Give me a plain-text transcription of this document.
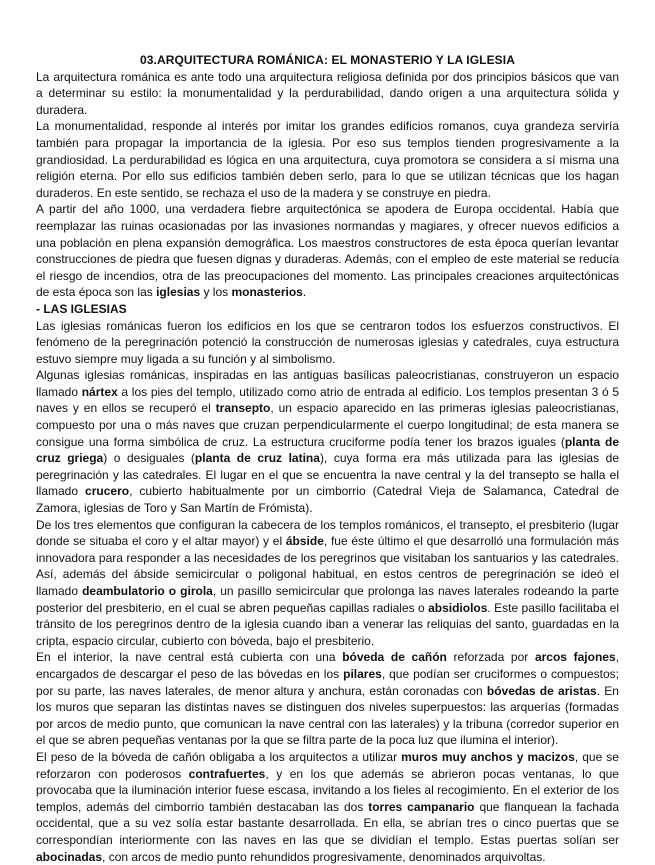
03.ARQUITECTURA ROMÁNICA: EL MONASTERIO Y LA IGLESIA

La arquitectura románica es ante todo una arquitectura religiosa definida por dos principios básicos que van a determinar su estilo: la monumentalidad y la perdurabilidad, dando origen a una arquitectura sólida y duradera.

La monumentalidad, responde al interés por imitar los grandes edificios romanos, cuya grandeza serviría también para propagar la importancia de la iglesia. Por eso sus templos tienden progresivamente a la grandiosidad. La perdurabilidad es lógica en una arquitectura, cuya promotora se considera a sí misma una religión eterna. Por ello sus edificios también deben serlo, para lo que se utilizan técnicas que los hagan duraderos. En este sentido, se rechaza el uso de la madera y se construye en piedra.

A partir del año 1000, una verdadera fiebre arquitectónica se apodera de Europa occidental. Había que reemplazar las ruinas ocasionadas por las invasiones normandas y magiares, y ofrecer nuevos edificios a una población en plena expansión demográfica. Los maestros constructores de esta época querían levantar construcciones de piedra que fuesen dignas y duraderas. Además, con el empleo de este material se reducía el riesgo de incendios, otra de las preocupaciones del momento. Las principales creaciones arquitectónicas de esta época son las iglesias y los monasterios.

- LAS IGLESIAS

Las iglesias románicas fueron los edificios en los que se centraron todos los esfuerzos constructivos. El fenómeno de la peregrinación potenció la construcción de numerosas iglesias y catedrales, cuya estructura estuvo siempre muy ligada a su función y al simbolismo.

Algunas iglesias románicas, inspiradas en las antiguas basílicas paleocristianas, construyeron un espacio llamado nártex a los pies del templo, utilizado como atrio de entrada al edificio. Los templos presentan 3 ó 5 naves y en ellos se recuperó el transepto, un espacio aparecido en las primeras iglesias paleocristianas, compuesto por una o más naves que cruzan perpendicularmente el cuerpo longitudinal; de esta manera se consigue una forma simbólica de cruz. La estructura cruciforme podía tener los brazos iguales (planta de cruz griega) o desiguales (planta de cruz latina), cuya forma era más utilizada para las iglesias de peregrinación y las catedrales. El lugar en el que se encuentra la nave central y la del transepto se halla el llamado crucero, cubierto habitualmente por un cimborrio (Catedral Vieja de Salamanca, Catedral de Zamora, iglesias de Toro y San Martín de Frómista).

De los tres elementos que configuran la cabecera de los templos románicos, el transepto, el presbiterio (lugar donde se situaba el coro y el altar mayor) y el ábside, fue éste último el que desarrolló una formulación más innovadora para responder a las necesidades de los peregrinos que visitaban los santuarios y las catedrales. Así, además del ábside semicircular o poligonal habitual, en estos centros de peregrinación se ideó el llamado deambulatorio o girola, un pasillo semicircular que prolonga las naves laterales rodeando la parte posterior del presbiterio, en el cual se abren pequeñas capillas radiales o absidiolos. Este pasillo facilitaba el tránsito de los peregrinos dentro de la iglesia cuando iban a venerar las reliquias del santo, guardadas en la cripta, espacio circular, cubierto con bóveda, bajo el presbiterio.

En el interior, la nave central está cubierta con una bóveda de cañón reforzada por arcos fajones, encargados de descargar el peso de las bóvedas en los pilares, que podían ser cruciformes o compuestos; por su parte, las naves laterales, de menor altura y anchura, están coronadas con bóvedas de aristas. En los muros que separan las distintas naves se distinguen dos niveles superpuestos: las arquerías (formadas por arcos de medio punto, que comunican la nave central con las laterales) y la tribuna (corredor superior en el que se abren pequeñas ventanas por la que se filtra parte de la poca luz que ilumina el interior).

El peso de la bóveda de cañón obligaba a los arquitectos a utilizar muros muy anchos y macizos, que se reforzaron con poderosos contrafuertes, y en los que además se abrieron pocas ventanas, lo que provocaba que la iluminación interior fuese escasa, invitando a los fieles al recogimiento. En el exterior de los templos, además del cimborrio también destacaban las dos torres campanario que flanquean la fachada occidental, que a su vez solía estar bastante desarrollada. En ella, se abrían tres o cinco puertas que se correspondían interiormente con las naves en las que se dividían el templo. Estas puertas solían ser abocinadas, con arcos de medio punto rehundidos progresivamente, denominados arquivoltas.
